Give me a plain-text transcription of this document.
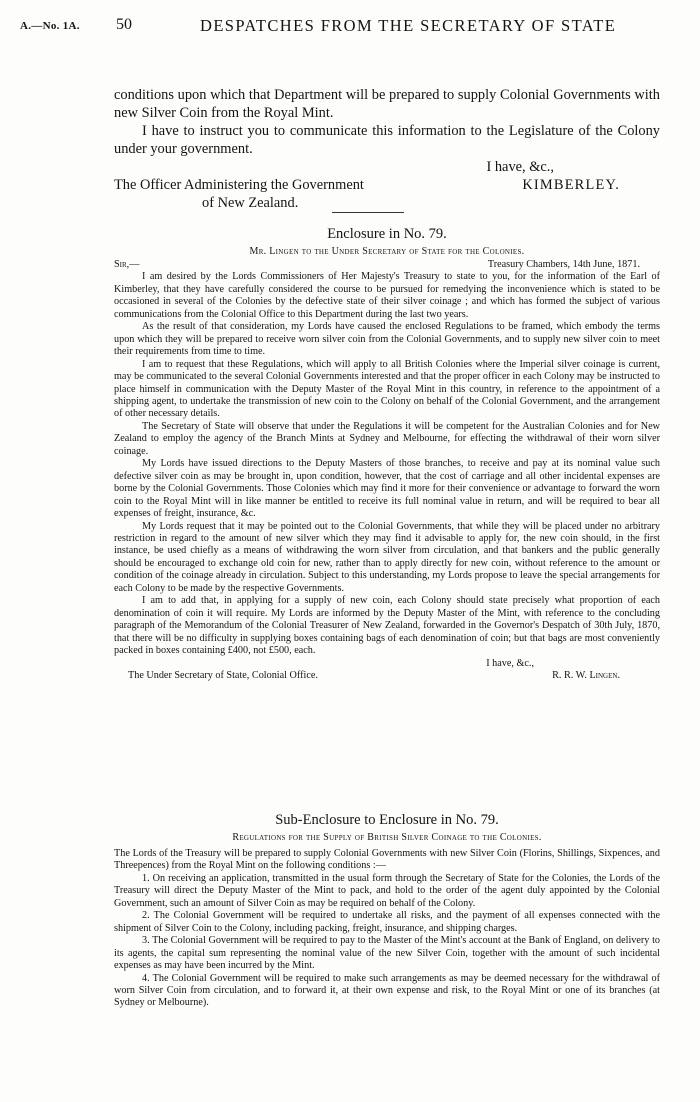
A.—No. 1A. 50	DESPATCHES FROM THE SECRETARY OF STATE

conditions upon which that Department will be prepared to supply Colonial Governments with new Silver Coin from the Royal Mint.

I have to instruct you to communicate this information to the Legislature of the Colony under your government.

I have, &c.,
The Officer Administering the Government	KIMBERLEY.
of New Zealand.
Enclosure in No. 79.
Mr. Lingen to the Under Secretary of State for the Colonies.
Sir,—	Treasury Chambers, 14th June, 1871.

I am desired by the Lords Commissioners of Her Majesty's Treasury to state to you, for the information of the Earl of Kimberley, that they have carefully considered the course to be pursued for remedying the inconvenience which is stated to be occasioned in several of the Colonies by the defective state of their silver coinage ; and which has formed the subject of various communications from the Colonial Office to this Department during the last two years.

As the result of that consideration, my Lords have caused the enclosed Regulations to be framed, which embody the terms upon which they will be prepared to receive worn silver coin from the Colonial Governments, and to supply new silver coin to meet their requirements from time to time.

I am to request that these Regulations, which will apply to all British Colonies where the Imperial silver coinage is current, may be communicated to the several Colonial Governments interested and that the proper officer in each Colony may be instructed to place himself in communication with the Deputy Master of the Royal Mint in this country, in reference to the appointment of a shipping agent, to undertake the transmission of new coin to the Colony on behalf of the Colonial Government, and the arrangement of other necessary details.

The Secretary of State will observe that under the Regulations it will be competent for the Australian Colonies and for New Zealand to employ the agency of the Branch Mints at Sydney and Melbourne, for effecting the withdrawal of their worn silver coinage.

My Lords have issued directions to the Deputy Masters of those branches, to receive and pay at its nominal value such defective silver coin as may be brought in, upon condition, however, that the cost of carriage and all other incidental expenses are borne by the Colonial Governments. Those Colonies which may find it more for their convenience or advantage to forward the worn coin to the Royal Mint will in like manner be entitled to receive its full nominal value in return, and will be required to bear all expenses of freight, insurance, &c.

My Lords request that it may be pointed out to the Colonial Governments, that while they will be placed under no arbitrary restriction in regard to the amount of new silver which they may find it advisable to apply for, the new coin should, in the first instance, be used chiefly as a means of withdrawing the worn silver from circulation, and that bankers and the public generally should be encouraged to exchange old coin for new, rather than to apply directly for new coin, without reference to the amount or condition of the coinage already in circulation. Subject to this understanding, my Lords propose to leave the special arrangements for each Colony to be made by the respective Governments.

I am to add that, in applying for a supply of new coin, each Colony should state precisely what proportion of each denomination of coin it will require. My Lords are informed by the Deputy Master of the Mint, with reference to the concluding paragraph of the Memorandum of the Colonial Treasurer of New Zealand, forwarded in the Governor's Despatch of 30th July, 1870, that there will be no difficulty in supplying boxes containing bags of each denomination of coin; but that bags are most conveniently packed in boxes containing £400, not £500, each.

I have, &c.,
The Under Secretary of State, Colonial Office.	R. R. W. Lingen.
Sub-Enclosure to Enclosure in No. 79.
Regulations for the Supply of British Silver Coinage to the Colonies.

The Lords of the Treasury will be prepared to supply Colonial Governments with new Silver Coin (Florins, Shillings, Sixpences, and Threepences) from the Royal Mint on the following conditions :—

1. On receiving an application, transmitted in the usual form through the Secretary of State for the Colonies, the Lords of the Treasury will direct the Deputy Master of the Mint to pack, and hold to the order of the agent duly appointed by the Colonial Government, such an amount of Silver Coin as may be required on behalf of the Colony.

2. The Colonial Government will be required to undertake all risks, and the payment of all expenses connected with the shipment of Silver Coin to the Colony, including packing, freight, insurance, and shipping charges.

3. The Colonial Government will be required to pay to the Master of the Mint's account at the Bank of England, on delivery to its agents, the capital sum representing the nominal value of the new Silver Coin, together with the amount of such incidental expenses as may have been incurred by the Mint.

4. The Colonial Government will be required to make such arrangements as may be deemed necessary for the withdrawal of worn Silver Coin from circulation, and to forward it, at their own expense and risk, to the Royal Mint or one of its branches (at Sydney or Melbourne).
